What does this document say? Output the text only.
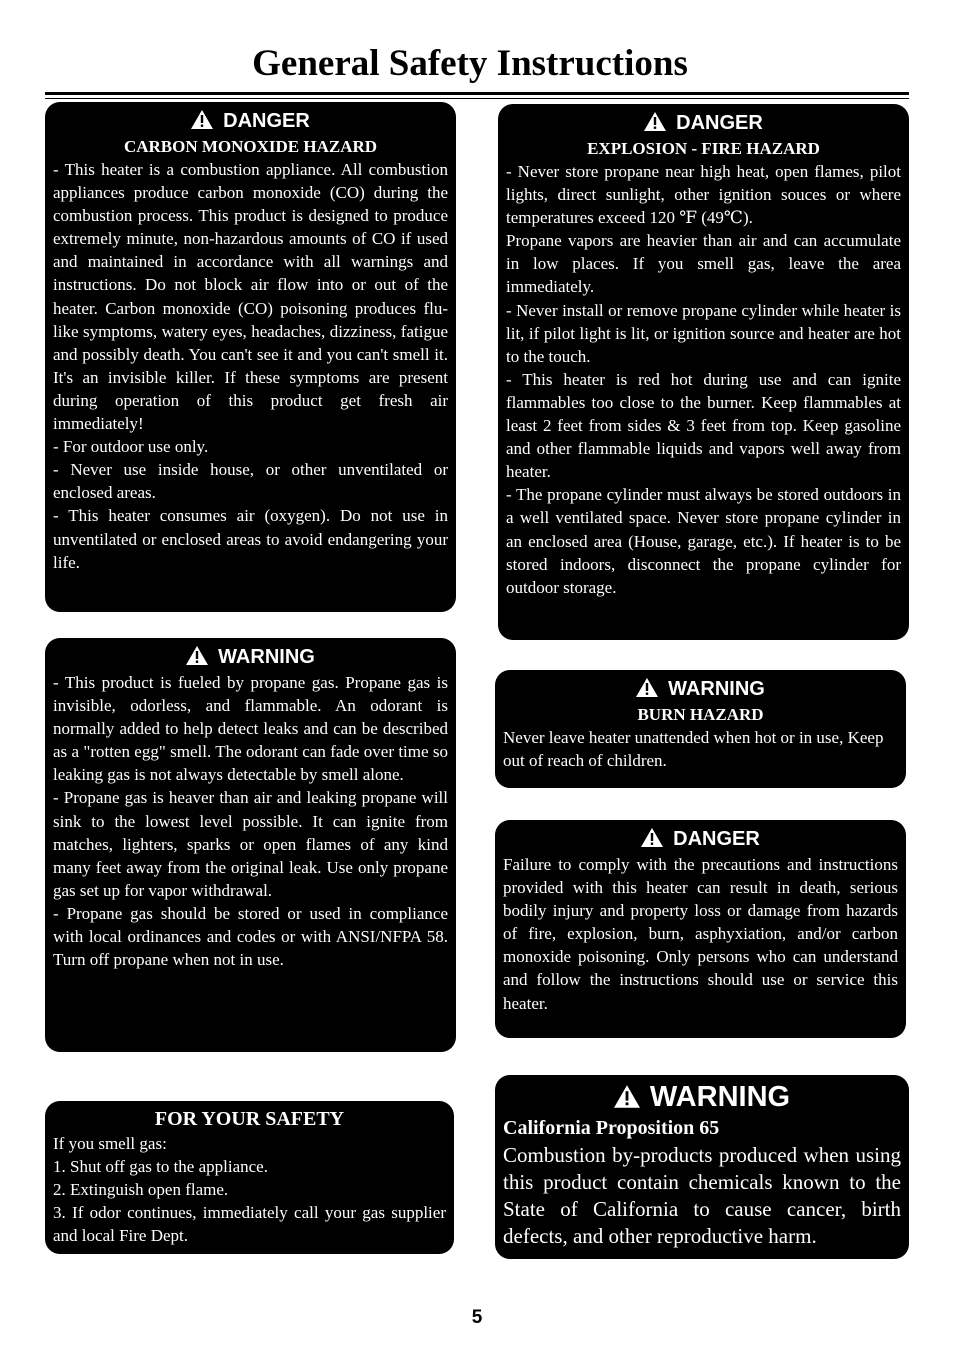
General Safety Instructions
DANGER
CARBON MONOXIDE HAZARD

- This heater is a combustion appliance. All combustion appliances produce carbon monoxide (CO) during the combustion process. This product is designed to produce extremely minute, non-hazardous amounts of CO if used and maintained in accordance with all warnings and instructions. Do not block air flow into or out of the heater. Carbon monoxide (CO) poisoning produces flu-like symptoms, watery eyes, headaches, dizziness, fatigue and possibly death. You can't see it and you can't smell it. It's an invisible killer. If these symptoms are present during operation of this product get fresh air immediately!

- For outdoor use only.

- Never use inside house, or other unventilated or enclosed areas.

- This heater consumes air (oxygen). Do not use in unventilated or enclosed areas to avoid endangering your life.

DANGER
EXPLOSION - FIRE HAZARD

- Never store propane near high heat, open flames, pilot lights, direct sunlight, other ignition souces or where temperatures exceed 120 ℉ (49℃).

Propane vapors are heavier than air and can accumulate in low places. If you smell gas, leave the area immediately.

- Never install or remove propane cylinder while heater is lit, if pilot light is lit, or ignition source and heater are hot to the touch.

- This heater is red hot during use and can ignite flammables too close to the burner. Keep flammables at least 2 feet from sides & 3 feet from top. Keep gasoline and other flammable liquids and vapors well away from heater.

- The propane cylinder must always be stored outdoors in a well ventilated space. Never store propane cylinder in an enclosed area (House, garage, etc.). If heater is to be stored indoors, disconnect the propane cylinder for outdoor storage.

WARNING

- This product is fueled by propane gas. Propane gas is invisible, odorless, and flammable. An odorant is normally added to help detect leaks and can be described as a "rotten egg" smell. The odorant can fade over time so leaking gas is not always detectable by smell alone.

- Propane gas is heaver than air and leaking propane will sink to the lowest level possible. It can ignite from matches, lighters, sparks or open flames of any kind many feet away from the original leak. Use only propane gas set up for vapor withdrawal.

- Propane gas should be stored or used in compliance with local ordinances and codes or with ANSI/NFPA 58. Turn off propane when not in use.

WARNING
BURN HAZARD

Never leave heater unattended when hot or in use, Keep out of reach of children.

DANGER

Failure to comply with the precautions and instructions provided with this heater can result in death, serious bodily injury and property loss or damage from hazards of fire, explosion, burn, asphyxiation, and/or carbon monoxide poisoning. Only persons who can understand and follow the instructions should use or service this heater.

FOR YOUR SAFETY

If you smell gas:

1. Shut off gas to the appliance.

2. Extinguish open flame.

3. If odor continues, immediately call your gas supplier and local Fire Dept.

WARNING
California Proposition 65
Combustion by-products produced when using this product contain chemicals known to the State of California to cause cancer, birth defects, and other reproductive harm.
5
